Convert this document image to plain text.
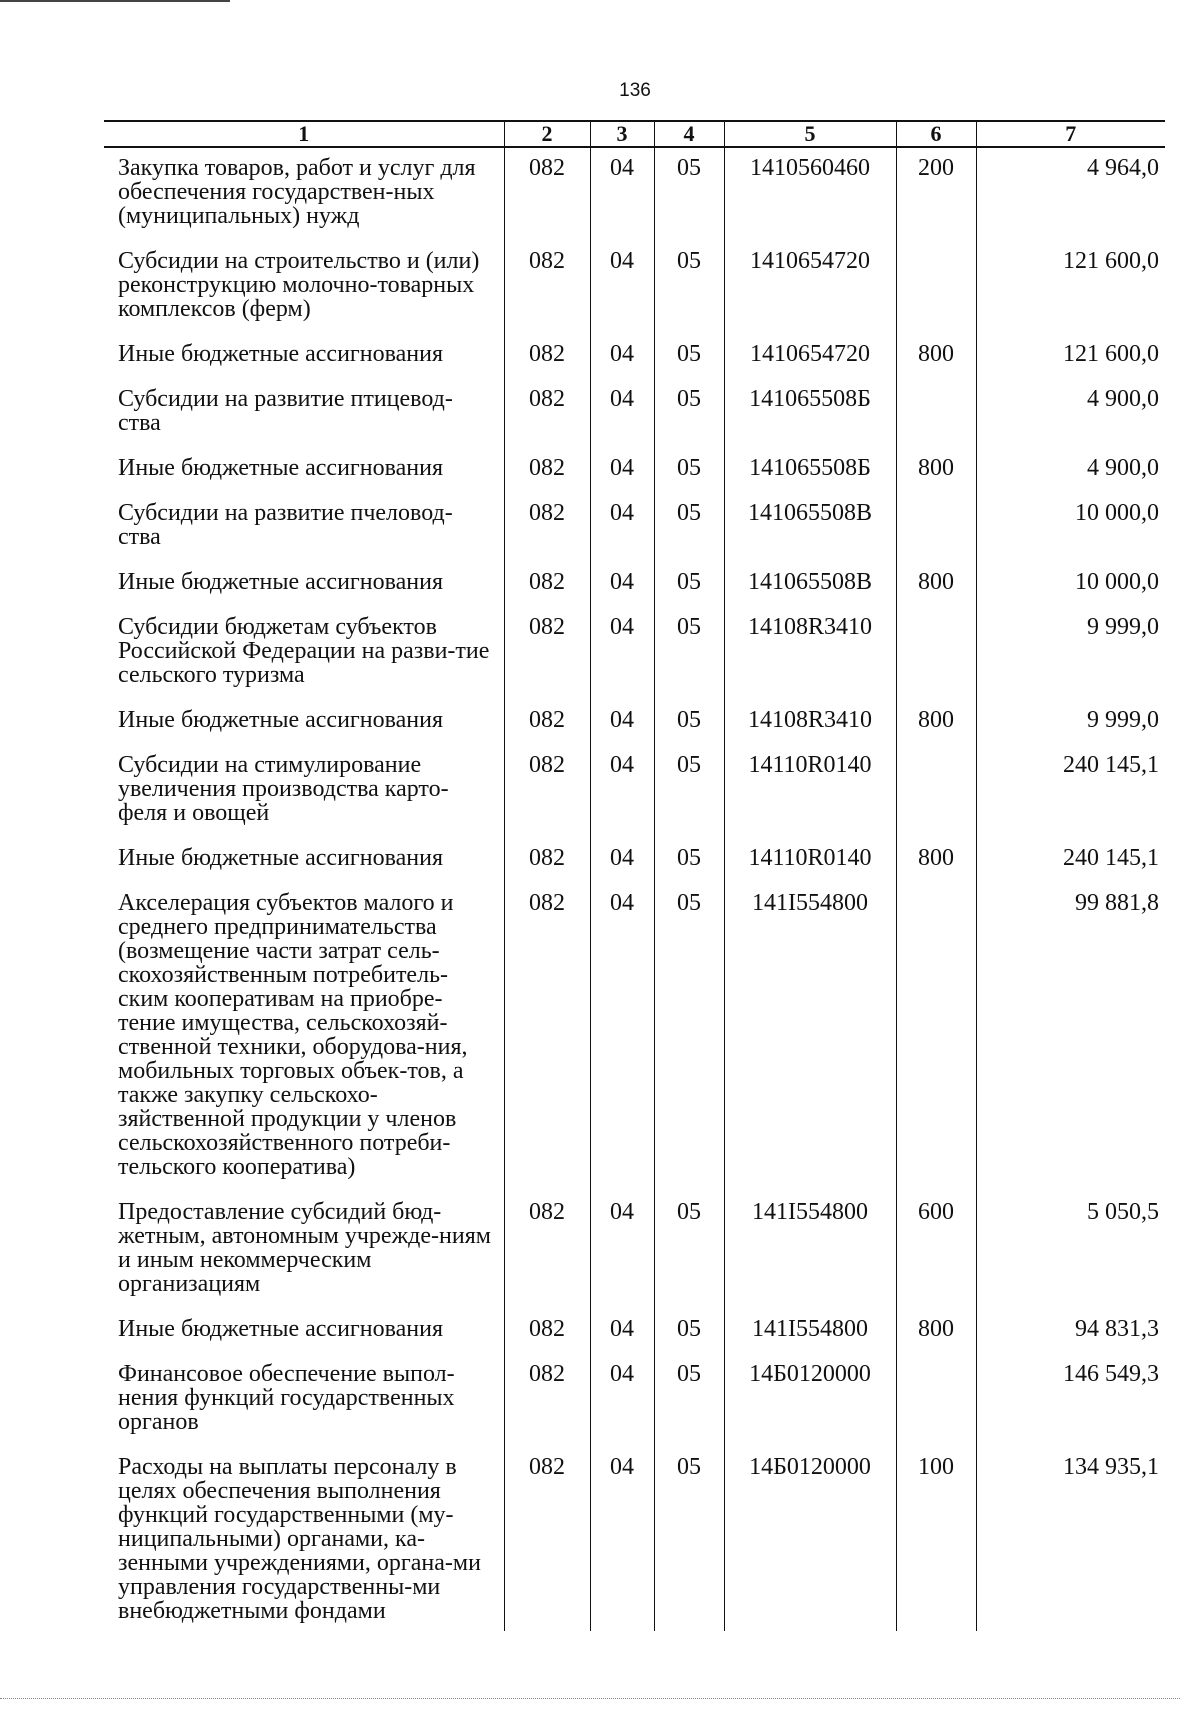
136
1	2	3	4	5	6	7
Закупка товаров, работ и услуг для обеспечения государствен-ных (муниципальных) нужд	082	04	05	1410560460	200	4 964,0
Субсидии на строительство и (или) реконструкцию молочно-товарных комплексов (ферм)	082	04	05	1410654720		121 600,0
Иные бюджетные ассигнования	082	04	05	1410654720	800	121 600,0
Субсидии на развитие птицевод-ства	082	04	05	141065508Б		4 900,0
Иные бюджетные ассигнования	082	04	05	141065508Б	800	4 900,0
Субсидии на развитие пчеловод-ства	082	04	05	141065508В		10 000,0
Иные бюджетные ассигнования	082	04	05	141065508В	800	10 000,0
Субсидии бюджетам субъектов Российской Федерации на разви-тие сельского туризма	082	04	05	14108R3410		9 999,0
Иные бюджетные ассигнования	082	04	05	14108R3410	800	9 999,0
Субсидии на стимулирование увеличения производства карто-феля и овощей	082	04	05	14110R0140		240 145,1
Иные бюджетные ассигнования	082	04	05	14110R0140	800	240 145,1
Акселерация субъектов малого и среднего предпринимательства (возмещение части затрат сель-скохозяйственным потребитель-ским кооперативам на приобре-тение имущества, сельскохозяй-ственной техники, оборудова-ния, мобильных торговых объек-тов, а также закупку сельскохо-зяйственной продукции у членов сельскохозяйственного потреби-тельского кооператива)	082	04	05	141I554800		99 881,8
Предоставление субсидий бюд-жетным, автономным учрежде-ниям и иным некоммерческим организациям	082	04	05	141I554800	600	5 050,5
Иные бюджетные ассигнования	082	04	05	141I554800	800	94 831,3
Финансовое обеспечение выпол-нения функций государственных органов	082	04	05	14Б0120000		146 549,3
Расходы на выплаты персоналу в целях обеспечения выполнения функций государственными (му-ниципальными) органами, ка-зенными учреждениями, органа-ми управления государственны-ми внебюджетными фондами	082	04	05	14Б0120000	100	134 935,1
